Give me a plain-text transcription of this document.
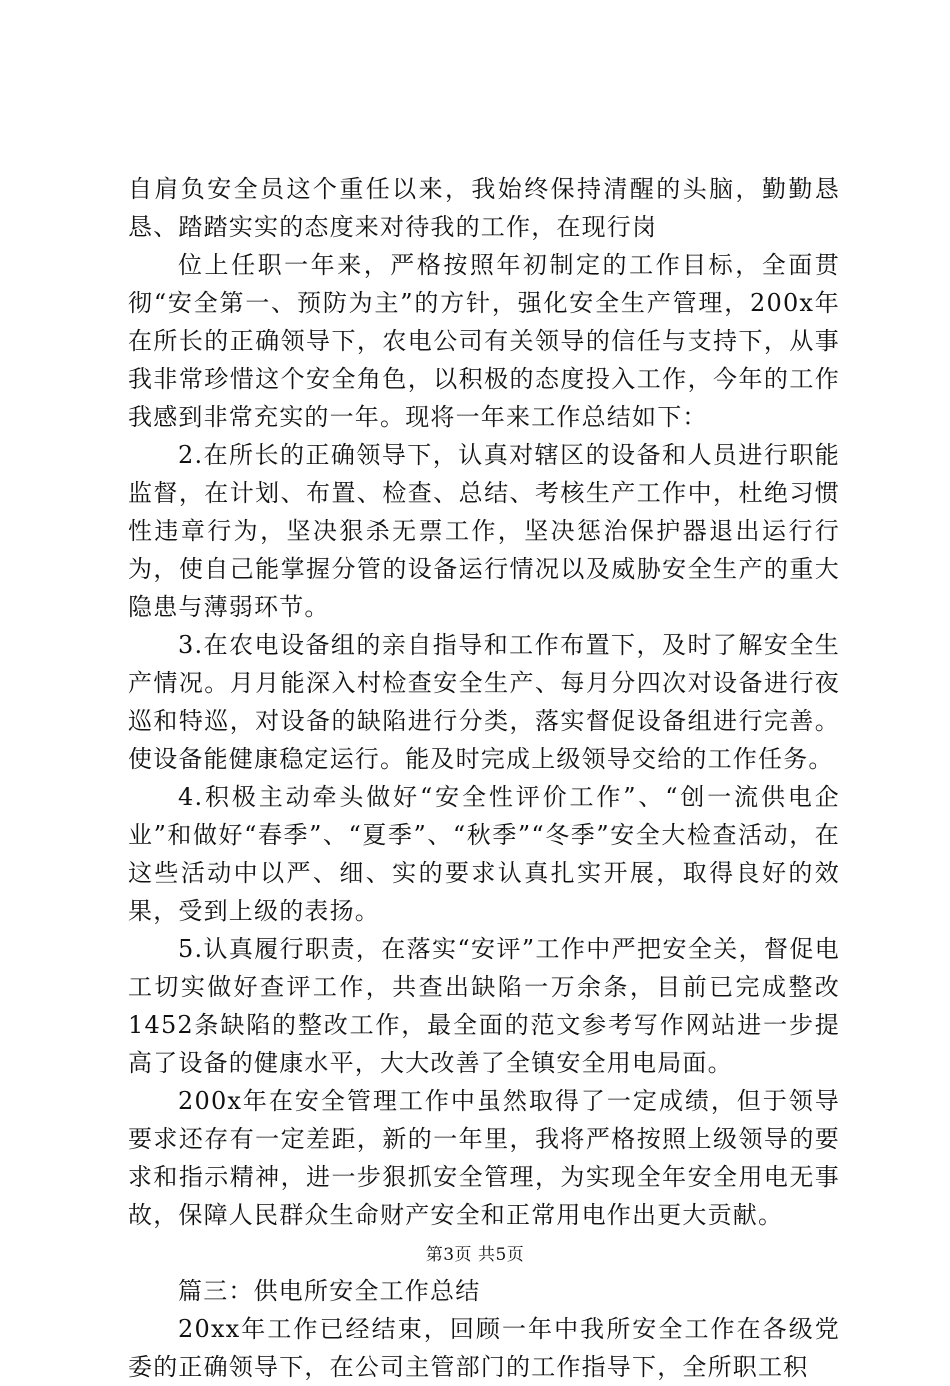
自肩负安全员这个重任以来，我始终保持清醒的头脑，勤勤恳恳、踏踏实实的态度来对待我的工作，在现行岗

位上任职一年来，严格按照年初制定的工作目标，全面贯彻“安全第一、预防为主”的方针，强化安全生产管理，200x年在所长的正确领导下，农电公司有关领导的信任与支持下，从事我非常珍惜这个安全角色，以积极的态度投入工作，今年的工作我感到非常充实的一年。现将一年来工作总结如下：

2.在所长的正确领导下，认真对辖区的设备和人员进行职能监督，在计划、布置、检查、总结、考核生产工作中，杜绝习惯性违章行为，坚决狠杀无票工作，坚决惩治保护器退出运行行为，使自己能掌握分管的设备运行情况以及威胁安全生产的重大隐患与薄弱环节。

3.在农电设备组的亲自指导和工作布置下，及时了解安全生产情况。月月能深入村检查安全生产、每月分四次对设备进行夜巡和特巡，对设备的缺陷进行分类，落实督促设备组进行完善。使设备能健康稳定运行。能及时完成上级领导交给的工作任务。

4.积极主动牵头做好“安全性评价工作”、“创一流供电企业”和做好“春季”、“夏季”、“秋季”“冬季”安全大检查活动，在这些活动中以严、细、实的要求认真扎实开展，取得良好的效果，受到上级的表扬。

5.认真履行职责，在落实“安评”工作中严把安全关，督促电工切实做好查评工作，共查出缺陷一万余条，目前已完成整改1452条缺陷的整改工作，最全面的范文参考写作网站进一步提高了设备的健康水平，大大改善了全镇安全用电局面。

200x年在安全管理工作中虽然取得了一定成绩，但于领导要求还存有一定差距，新的一年里，我将严格按照上级领导的要求和指示精神，进一步狠抓安全管理，为实现全年安全用电无事故，保障人民群众生命财产安全和正常用电作出更大贡献。

篇三：供电所安全工作总结

20xx年工作已经结束，回顾一年中我所安全工作在各级党委的正确领导下，在公司主管部门的工作指导下，全所职工积

第3页 共5页
